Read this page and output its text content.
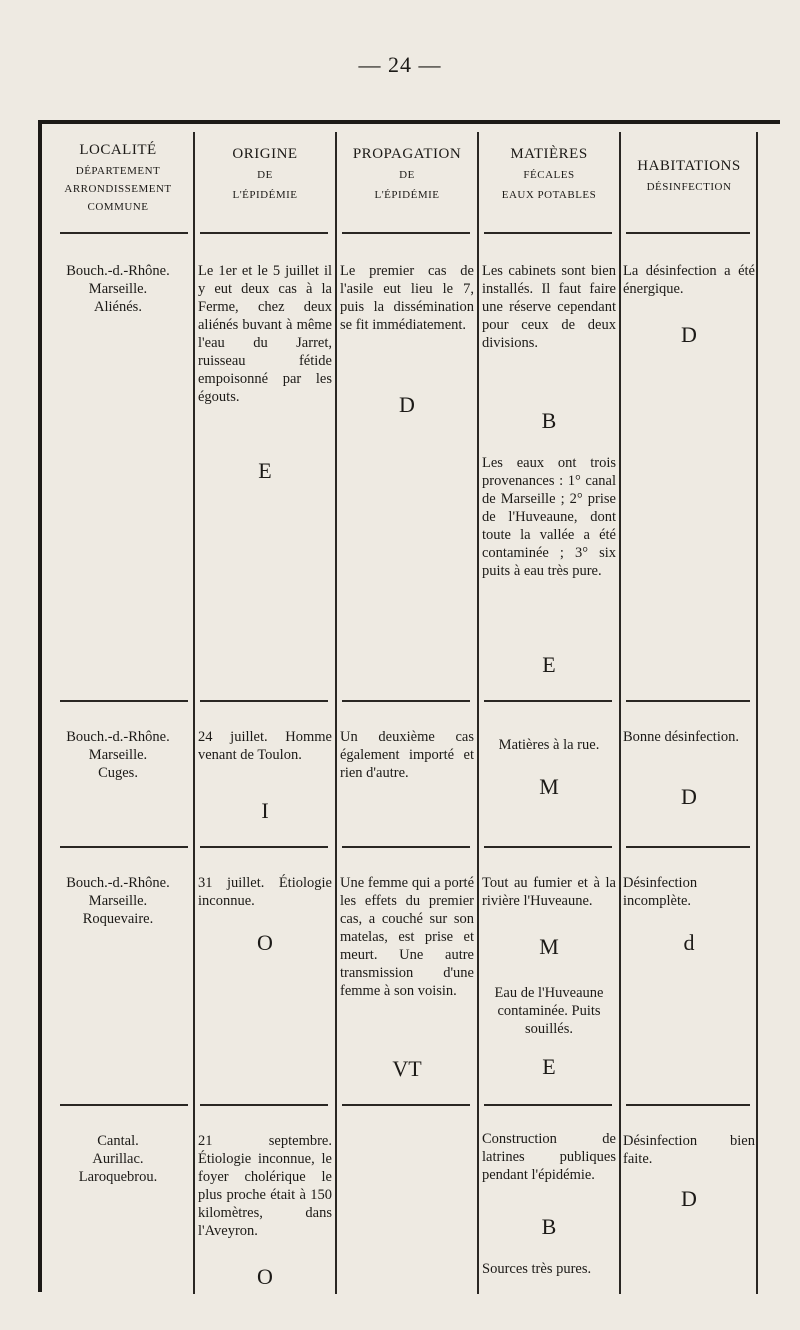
— 24 —
LOCALITÉ
DÉPARTEMENT
ARRONDISSEMENT
COMMUNE
ORIGINE
DE
L'ÉPIDÉMIE
PROPAGATION
DE
L'ÉPIDÉMIE
MATIÈRES
FÉCALES
EAUX POTABLES
HABITATIONS
DÉSINFECTION

Bouch.-d.-Rhône.

Marseille.

Aliénés.

Le 1er et le 5 juillet il y eut deux cas à la Ferme, chez deux aliénés buvant à même l'eau du Jarret, ruisseau fétide empoisonné par les égouts.

E

Le premier cas de l'asile eut lieu le 7, puis la dissémination se fit immédiatement.

D

Les cabinets sont bien installés. Il faut faire une réserve cependant pour ceux de deux divisions.

B

Les eaux ont trois provenances : 1° canal de Marseille ; 2° prise de l'Huveaune, dont toute la vallée a été contaminée ; 3° six puits à eau très pure.

E

La désinfection a été énergique.

D

Bouch.-d.-Rhône.

Marseille.

Cuges.

24 juillet. Homme venant de Toulon.

I

Un deuxième cas également importé et rien d'autre.

Matières à la rue.

M

Bonne désinfection.

D

Bouch.-d.-Rhône.

Marseille.

Roquevaire.

31 juillet. Étiologie inconnue.

O

Une femme qui a porté les effets du premier cas, a couché sur son matelas, est prise et meurt. Une autre transmission d'une femme à son voisin.

VT

Tout au fumier et à la rivière l'Huveaune.

M

Eau de l'Huveaune contaminée. Puits souillés.

E

Désinfection incomplète.

d

Cantal.

Aurillac.

Laroquebrou.

21 septembre. Étiologie inconnue, le foyer cholérique le plus proche était à 150 kilomètres, dans l'Aveyron.

O

Construction de latrines publiques pendant l'épidémie.

B

Sources très pures.

Désinfection bien faite.

D
